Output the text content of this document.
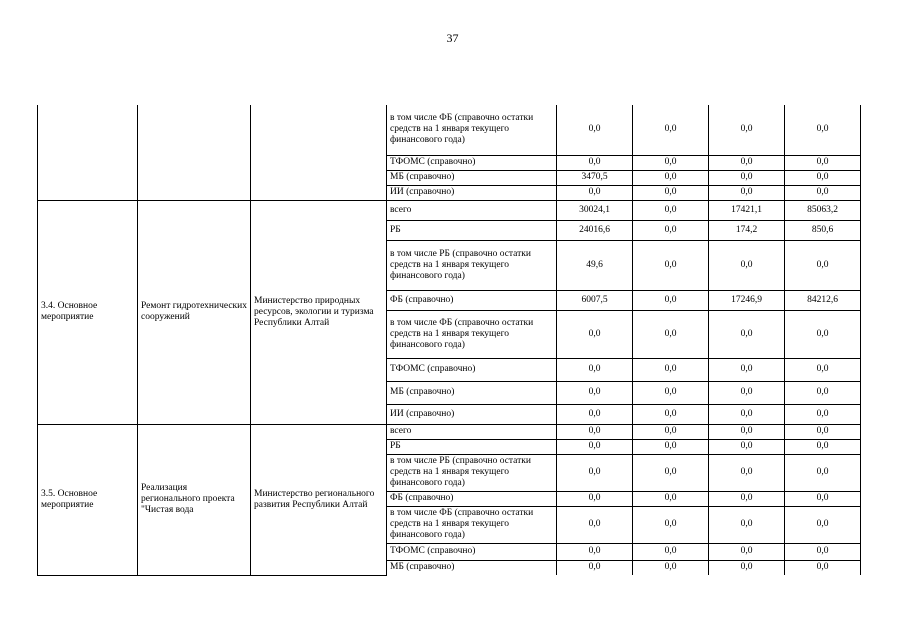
37
			в том числе ФБ (справочно остатки средств на 1 января текущего финансового года)	0,0	0,0	0,0	0,0
			ТФОМС (справочно)	0,0	0,0	0,0	0,0
			МБ (справочно)	3470,5	0,0	0,0	0,0
			ИИ (справочно)	0,0	0,0	0,0	0,0
3.4. Основное мероприятие	Ремонт гидротехнических сооружений	Министерство природных ресурсов, экологии и туризма Республики Алтай	всего	30024,1	0,0	17421,1	85063,2
			РБ	24016,6	0,0	174,2	850,6
			в том числе РБ (справочно остатки средств на 1 января текущего финансового года)	49,6	0,0	0,0	0,0
			ФБ (справочно)	6007,5	0,0	17246,9	84212,6
			в том числе ФБ (справочно остатки средств на 1 января текущего финансового года)	0,0	0,0	0,0	0,0
			ТФОМС (справочно)	0,0	0,0	0,0	0,0
			МБ (справочно)	0,0	0,0	0,0	0,0
			ИИ (справочно)	0,0	0,0	0,0	0,0
3.5. Основное мероприятие	Реализация регионального проекта "Чистая вода	Министерство регионального развития Республики Алтай	всего	0,0	0,0	0,0	0,0
			РБ	0,0	0,0	0,0	0,0
			в том числе РБ (справочно остатки средств на 1 января текущего финансового года)	0,0	0,0	0,0	0,0
			ФБ (справочно)	0,0	0,0	0,0	0,0
			в том числе ФБ (справочно остатки средств на 1 января текущего финансового года)	0,0	0,0	0,0	0,0
			ТФОМС (справочно)	0,0	0,0	0,0	0,0
			МБ (справочно)	0,0	0,0	0,0	0,0
